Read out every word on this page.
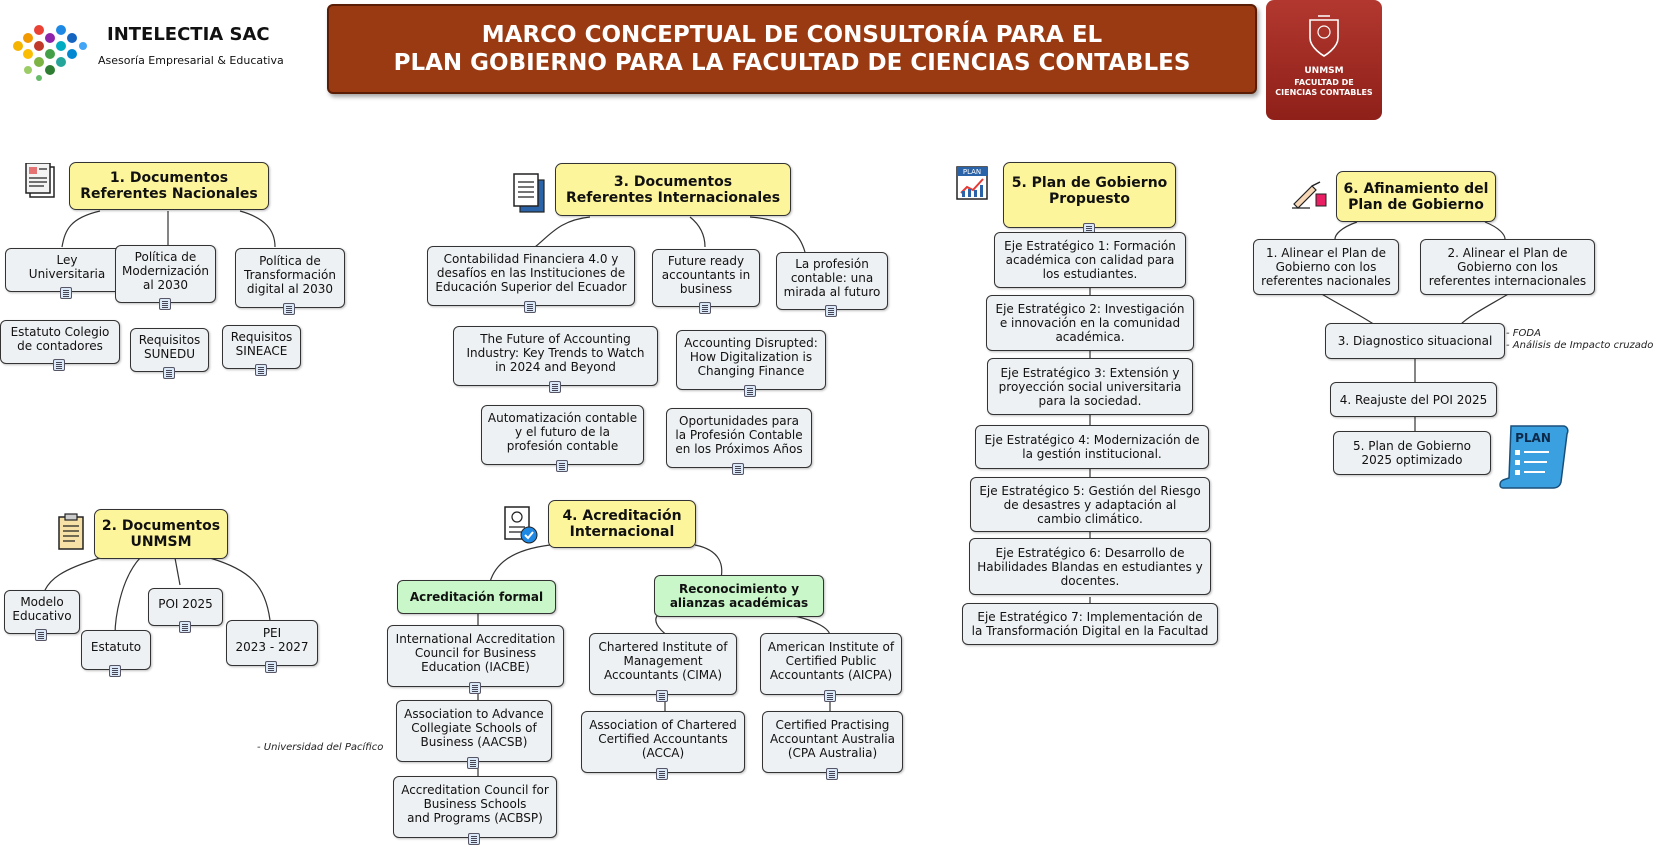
INTELECTIA SAC
Asesoría Empresarial & Educativa
MARCO CONCEPTUAL DE CONSULTORÍA PARA EL
PLAN GOBIERNO PARA LA FACULTAD DE CIENCIAS CONTABLES	UNMSM
FACULTAD DE CIENCIAS CONTABLES
1. Documentos
Referentes Nacionales
Ley
Universitaria
Política de
Modernización
al 2030
Política de
Transformación
digital al 2030
Estatuto Colegio
de contadores	Requisitos
SUNEDU
Requisitos
SINEACE
2. Documentos
UNMSM
Modelo
Educativo
Estatuto
POI 2025
PEI
2023 - 2027
3. Documentos
Referentes Internacionales
Contabilidad Financiera 4.0 y
desafíos en las Instituciones de
Educación Superior del Ecuador
Future ready
accountants in
business
La profesión
contable: una
mirada al futuro
The Future of Accounting
Industry: Key Trends to Watch
in 2024 and Beyond
Accounting Disrupted:
How Digitalization is
Changing Finance
Automatización contable
y el futuro de la
profesión contable
Oportunidades para
la Profesión Contable
en los Próximos Años
4. Acreditación
Internacional
Acreditación formal
Reconocimiento y
alianzas académicas
International Accreditation
Council for Business
Education (IACBE)
Association to Advance
Collegiate Schools of
Business (AACSB)
- Universidad del Pacífico
Accreditation Council for
Business Schools
and Programs (ACBSP)
Chartered Institute of
Management
Accountants (CIMA)
American Institute of
Certified Public
Accountants (AICPA)
Association of Chartered
Certified Accountants
(ACCA)
Certified Practising
Accountant Australia
(CPA Australia)
PLAN
5. Plan de Gobierno
Propuesto
Eje Estratégico 1: Formación
académica con calidad para
los estudiantes.
Eje Estratégico 2: Investigación
e innovación en la comunidad
académica.
Eje Estratégico 3: Extensión y
proyección social universitaria
para la sociedad.
Eje Estratégico 4: Modernización de
la gestión institucional.
Eje Estratégico 5: Gestión del Riesgo
de desastres y adaptación al
cambio climático.
Eje Estratégico 6: Desarrollo de
Habilidades Blandas en estudiantes y
docentes.
Eje Estratégico 7: Implementación de
la Transformación Digital en la Facultad
6. Afinamiento del
Plan de Gobierno
1. Alinear el Plan de
Gobierno con los
referentes nacionales
2. Alinear el Plan de
Gobierno con los
referentes internacionales
3. Diagnostico situacional
- FODA
- Análisis de Impacto cruzado
4. Reajuste del POI 2025
5. Plan de Gobierno
2025 optimizado
PLAN
